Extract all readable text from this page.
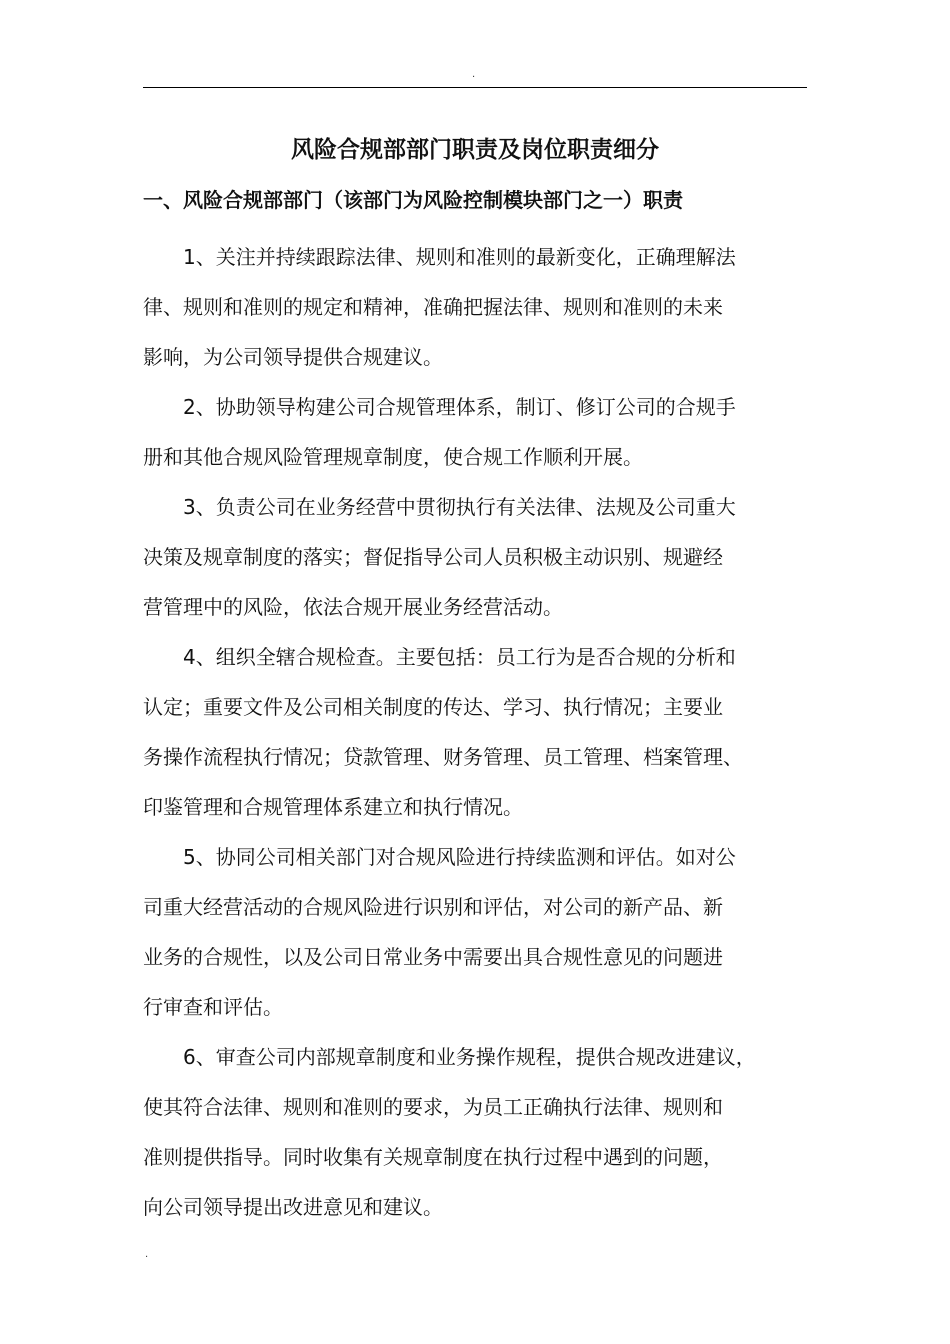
.
风险合规部部门职责及岗位职责细分
一、风险合规部部门（该部门为风险控制模块部门之一）职责

　　1、关注并持续跟踪法律、规则和准则的最新变化，正确理解法
律、规则和准则的规定和精神，准确把握法律、规则和准则的未来
影响，为公司领导提供合规建议。

　　2、协助领导构建公司合规管理体系，制订、修订公司的合规手
册和其他合规风险管理规章制度，使合规工作顺利开展。

　　3、负责公司在业务经营中贯彻执行有关法律、法规及公司重大
决策及规章制度的落实；督促指导公司人员积极主动识别、规避经
营管理中的风险，依法合规开展业务经营活动。

　　4、组织全辖合规检查。主要包括：员工行为是否合规的分析和
认定；重要文件及公司相关制度的传达、学习、执行情况；主要业
务操作流程执行情况；贷款管理、财务管理、员工管理、档案管理、
印鉴管理和合规管理体系建立和执行情况。

　　5、协同公司相关部门对合规风险进行持续监测和评估。如对公
司重大经营活动的合规风险进行识别和评估，对公司的新产品、新
业务的合规性，以及公司日常业务中需要出具合规性意见的问题进
行审查和评估。

　　6、审查公司内部规章制度和业务操作规程，提供合规改进建议，
使其符合法律、规则和准则的要求，为员工正确执行法律、规则和
准则提供指导。同时收集有关规章制度在执行过程中遇到的问题，
向公司领导提出改进意见和建议。

.
